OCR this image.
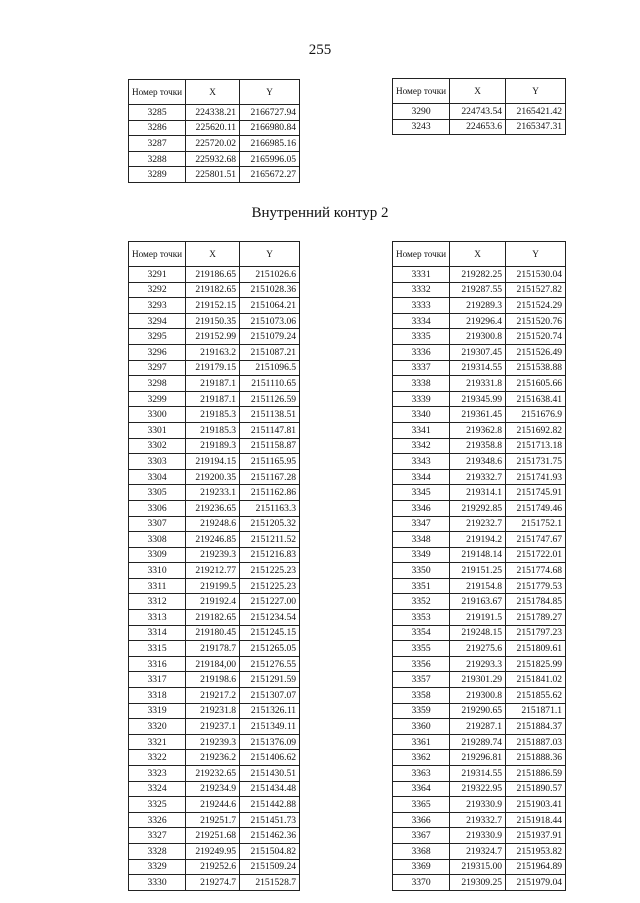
255
Внутренний контур 2
Номер точки	X	Y
3285	224338.21	2166727.94
3286	225620.11	2166980.84
3287	225720.02	2166985.16
3288	225932.68	2165996.05
3289	225801.51	2165672.27
Номер точки	X	Y
3290	224743.54	2165421.42
3243	224653.6	2165347.31
Номер точки	X	Y
3291	219186.65	2151026.6
3292	219182.65	2151028.36
3293	219152.15	2151064.21
3294	219150.35	2151073.06
3295	219152.99	2151079.24
3296	219163.2	2151087.21
3297	219179.15	2151096.5
3298	219187.1	2151110.65
3299	219187.1	2151126.59
3300	219185.3	2151138.51
3301	219185.3	2151147.81
3302	219189.3	2151158.87
3303	219194.15	2151165.95
3304	219200.35	2151167.28
3305	219233.1	2151162.86
3306	219236.65	2151163.3
3307	219248.6	2151205.32
3308	219246.85	2151211.52
3309	219239.3	2151216.83
3310	219212.77	2151225.23
3311	219199.5	2151225.23
3312	219192.4	2151227.00
3313	219182.65	2151234.54
3314	219180.45	2151245.15
3315	219178.7	2151265.05
3316	219184,00	2151276.55
3317	219198.6	2151291.59
3318	219217.2	2151307.07
3319	219231.8	2151326.11
3320	219237.1	2151349.11
3321	219239.3	2151376.09
3322	219236.2	2151406.62
3323	219232.65	2151430.51
3324	219234.9	2151434.48
3325	219244.6	2151442.88
3326	219251.7	2151451.73
3327	219251.68	2151462.36
3328	219249.95	2151504.82
3329	219252.6	2151509.24
3330	219274.7	2151528.7
Номер точки	X	Y
3331	219282.25	2151530.04
3332	219287.55	2151527.82
3333	219289.3	2151524.29
3334	219296.4	2151520.76
3335	219300.8	2151520.74
3336	219307.45	2151526.49
3337	219314.55	2151538.88
3338	219331.8	2151605.66
3339	219345.99	2151638.41
3340	219361.45	2151676.9
3341	219362.8	2151692.82
3342	219358.8	2151713.18
3343	219348.6	2151731.75
3344	219332.7	2151741.93
3345	219314.1	2151745.91
3346	219292.85	2151749.46
3347	219232.7	2151752.1
3348	219194.2	2151747.67
3349	219148.14	2151722.01
3350	219151.25	2151774.68
3351	219154.8	2151779.53
3352	219163.67	2151784.85
3353	219191.5	2151789.27
3354	219248.15	2151797.23
3355	219275.6	2151809.61
3356	219293.3	2151825.99
3357	219301.29	2151841.02
3358	219300.8	2151855.62
3359	219290.65	2151871.1
3360	219287.1	2151884.37
3361	219289.74	2151887.03
3362	219296.81	2151888.36
3363	219314.55	2151886.59
3364	219322.95	2151890.57
3365	219330.9	2151903.41
3366	219332.7	2151918.44
3367	219330.9	2151937.91
3368	219324.7	2151953.82
3369	219315.00	2151964.89
3370	219309.25	2151979.04
